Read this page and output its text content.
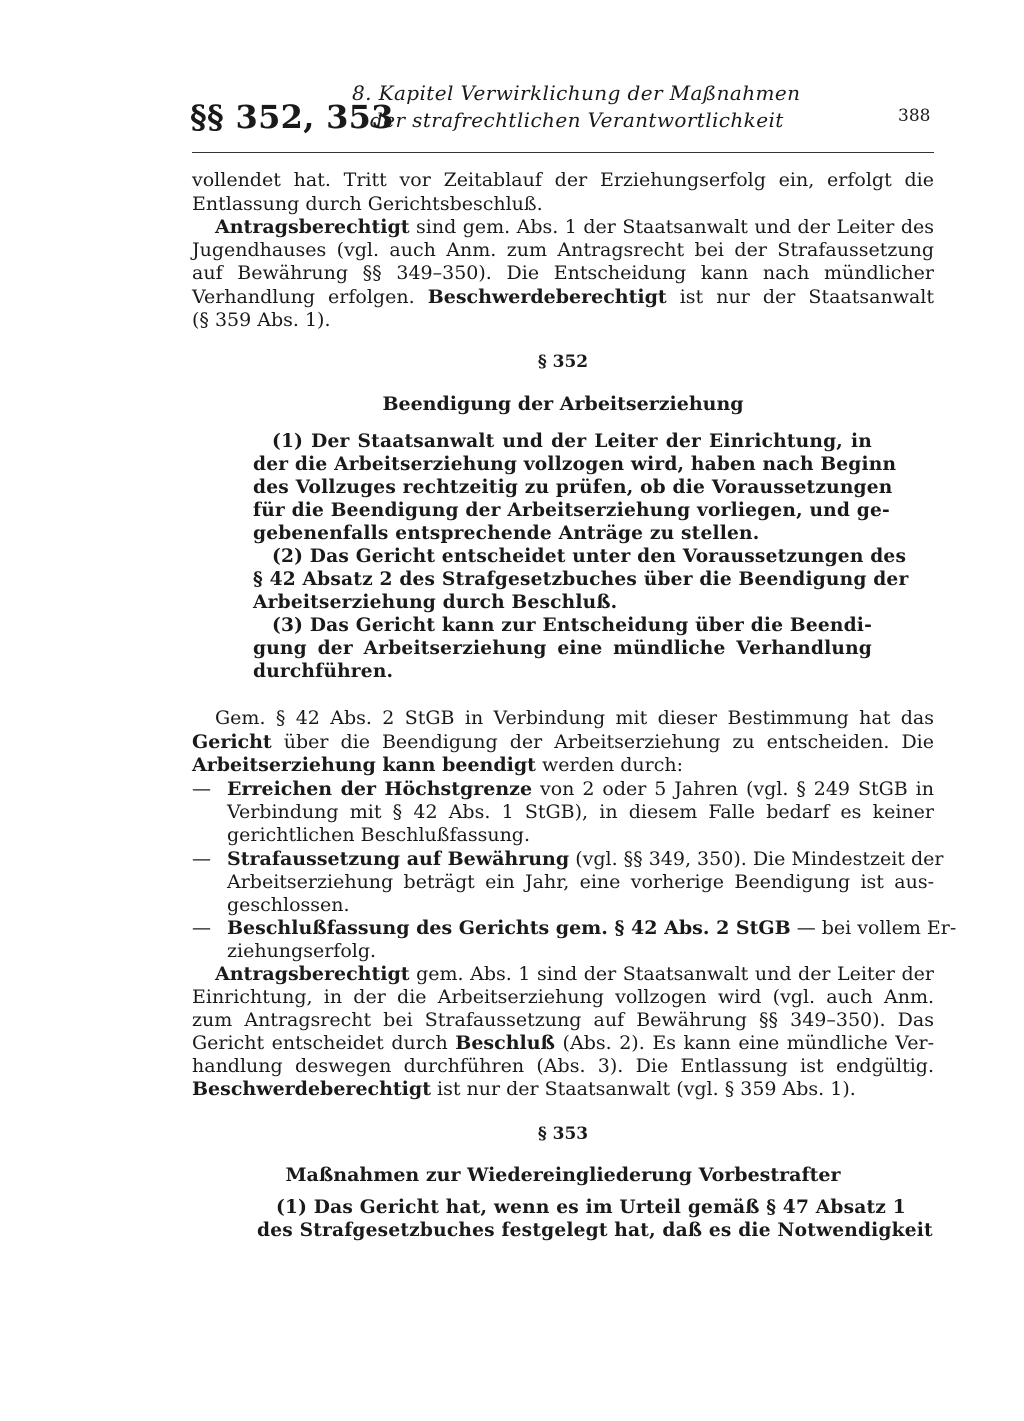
§§ 352, 353
8. Kapitel Verwirklichung der Maßnahmen
der strafrechtlichen Verantwortlichkeit	388
vollendet hat. Tritt vor Zeitablauf der Erziehungserfolg ein, erfolgt die
Entlassung durch Gerichtsbeschluß.
Antragsberechtigt sind gem. Abs. 1 der Staatsanwalt und der Leiter des
Jugendhauses (vgl. auch Anm. zum Antragsrecht bei der Strafaussetzung
auf Bewährung §§ 349–350). Die Entscheidung kann nach mündlicher
Verhandlung erfolgen. Beschwerdeberechtigt ist nur der Staatsanwalt
(§ 359 Abs. 1).
§ 352
Beendigung der Arbeitserziehung
(1) Der Staatsanwalt und der Leiter der Einrichtung, in
der die Arbeitserziehung vollzogen wird, haben nach Beginn
des Vollzuges rechtzeitig zu prüfen, ob die Voraussetzungen
für die Beendigung der Arbeitserziehung vorliegen, und ge-
gebenenfalls entsprechende Anträge zu stellen.
(2) Das Gericht entscheidet unter den Voraussetzungen des
§ 42 Absatz 2 des Strafgesetzbuches über die Beendigung der
Arbeitserziehung durch Beschluß.
(3) Das Gericht kann zur Entscheidung über die Beendi-
gung der Arbeitserziehung eine mündliche Verhandlung
durchführen.
Gem. § 42 Abs. 2 StGB in Verbindung mit dieser Bestimmung hat das
Gericht über die Beendigung der Arbeitserziehung zu entscheiden. Die
Arbeitserziehung kann beendigt werden durch:
— Erreichen der Höchstgrenze von 2 oder 5 Jahren (vgl. § 249 StGB in
Verbindung mit § 42 Abs. 1 StGB), in diesem Falle bedarf es keiner
gerichtlichen Beschlußfassung.
— Strafaussetzung auf Bewährung (vgl. §§ 349, 350). Die Mindestzeit der
Arbeitserziehung beträgt ein Jahr, eine vorherige Beendigung ist aus-
geschlossen.
— Beschlußfassung des Gerichts gem. § 42 Abs. 2 StGB — bei vollem Er-
ziehungserfolg.
Antragsberechtigt gem. Abs. 1 sind der Staatsanwalt und der Leiter der
Einrichtung, in der die Arbeitserziehung vollzogen wird (vgl. auch Anm.
zum Antragsrecht bei Strafaussetzung auf Bewährung §§ 349–350). Das
Gericht entscheidet durch Beschluß (Abs. 2). Es kann eine mündliche Ver-
handlung deswegen durchführen (Abs. 3). Die Entlassung ist endgültig.
Beschwerdeberechtigt ist nur der Staatsanwalt (vgl. § 359 Abs. 1).
§ 353
Maßnahmen zur Wiedereingliederung Vorbestrafter
(1) Das Gericht hat, wenn es im Urteil gemäß § 47 Absatz 1
des Strafgesetzbuches festgelegt hat, daß es die Notwendigkeit
